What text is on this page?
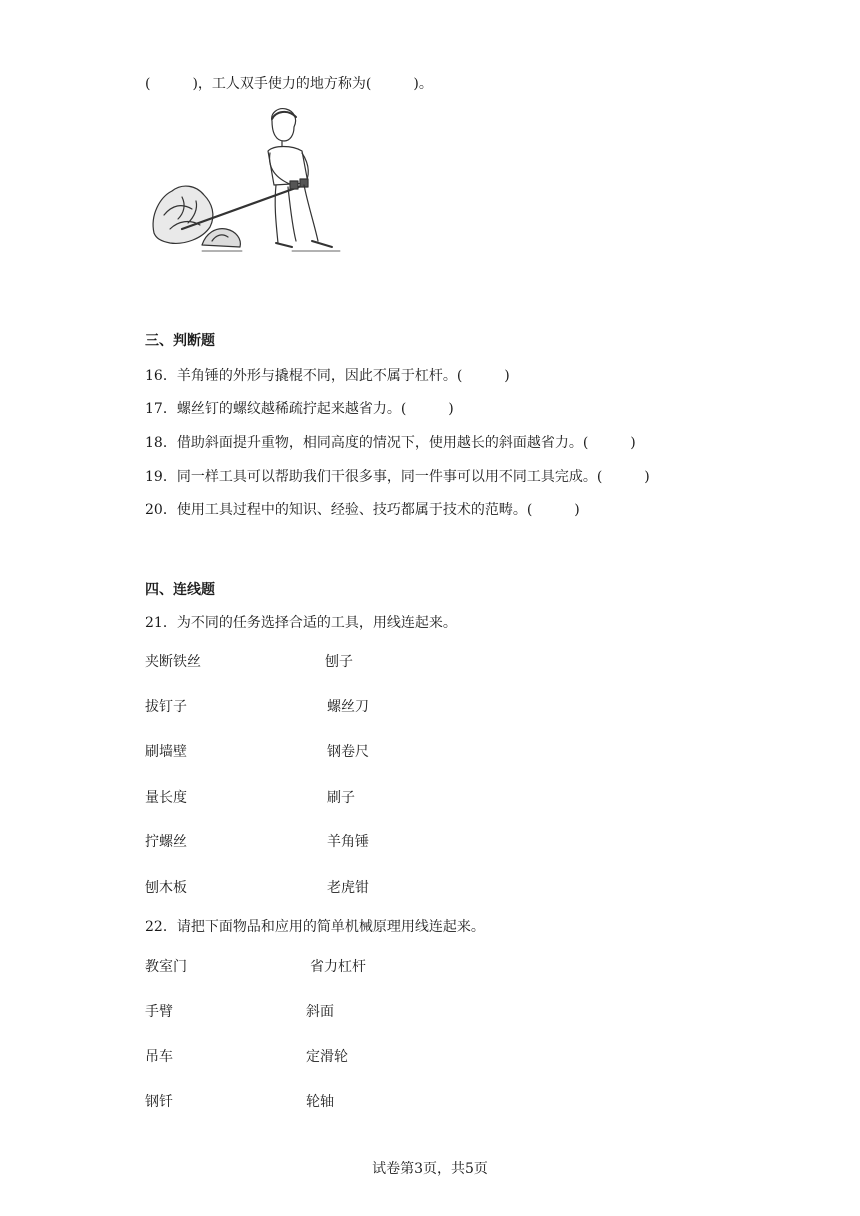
(　　　)，工人双手使力的地方称为(　　　)。
三、判断题
16．羊角锤的外形与撬棍不同，因此不属于杠杆。(　　　)
17．螺丝钉的螺纹越稀疏拧起来越省力。(　　　)
18．借助斜面提升重物，相同高度的情况下，使用越长的斜面越省力。(　　　)
19．同一样工具可以帮助我们干很多事，同一件事可以用不同工具完成。(　　　)
20．使用工具过程中的知识、经验、技巧都属于技术的范畴。(　　　)
四、连线题
21．为不同的任务选择合适的工具，用线连起来。
夹断铁丝
拔钉子
刷墙壁
量长度
拧螺丝
刨木板
刨子
螺丝刀
钢卷尺
刷子
羊角锤
老虎钳
22．请把下面物品和应用的简单机械原理用线连起来。
教室门
手臂
吊车
钢钎
省力杠杆
斜面
定滑轮
轮轴
试卷第3页，共5页
